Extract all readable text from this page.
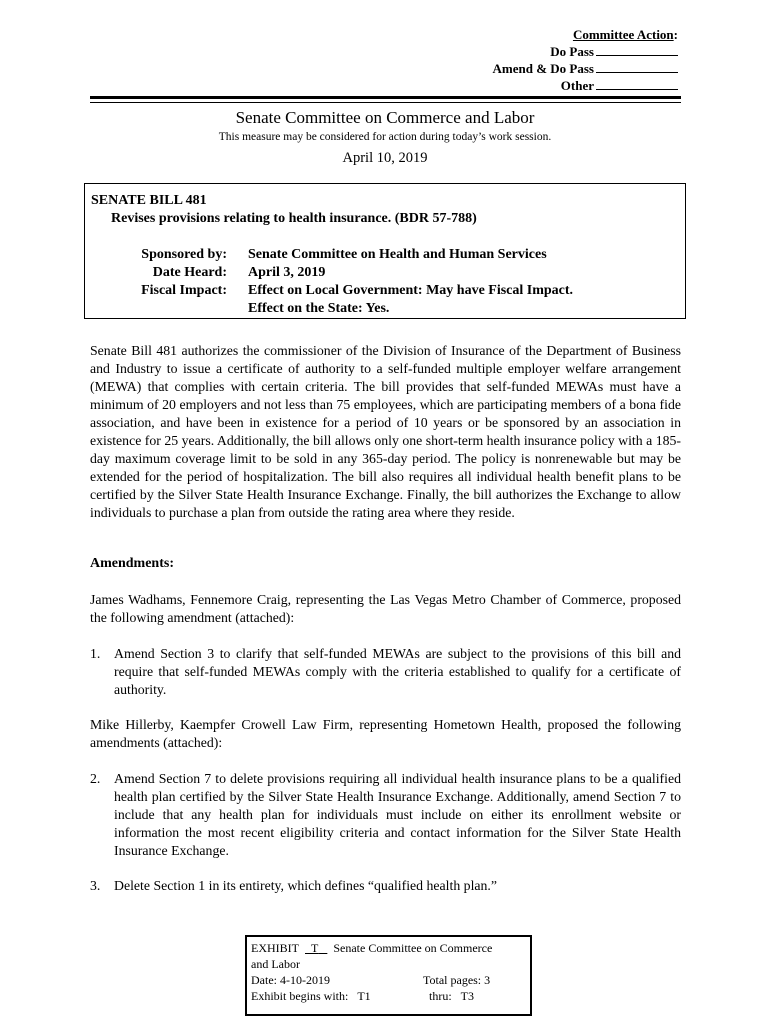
Committee Action:
Do Pass
Amend & Do Pass
Other
Senate Committee on Commerce and Labor
This measure may be considered for action during today’s work session.
April 10, 2019
SENATE BILL 481
Revises provisions relating to health insurance. (BDR 57-788)
Sponsored by: Senate Committee on Health and Human Services
Date Heard: April 3, 2019
Fiscal Impact: Effect on Local Government: May have Fiscal Impact.
Effect on the State: Yes.
Senate Bill 481 authorizes the commissioner of the Division of Insurance of the Department of Business and Industry to issue a certificate of authority to a self-funded multiple employer welfare arrangement (MEWA) that complies with certain criteria. The bill provides that self-funded MEWAs must have a minimum of 20 employers and not less than 75 employees, which are participating members of a bona fide association, and have been in existence for a period of 10 years or be sponsored by an association in existence for 25 years. Additionally, the bill allows only one short-term health insurance policy with a 185-day maximum coverage limit to be sold in any 365-day period. The policy is nonrenewable but may be extended for the period of hospitalization. The bill also requires all individual health benefit plans to be certified by the Silver State Health Insurance Exchange. Finally, the bill authorizes the Exchange to allow individuals to purchase a plan from outside the rating area where they reside.
Amendments:
James Wadhams, Fennemore Craig, representing the Las Vegas Metro Chamber of Commerce, proposed the following amendment (attached):
1. Amend Section 3 to clarify that self-funded MEWAs are subject to the provisions of this bill and require that self-funded MEWAs comply with the criteria established to qualify for a certificate of authority.
Mike Hillerby, Kaempfer Crowell Law Firm, representing Hometown Health, proposed the following amendments (attached):
2. Amend Section 7 to delete provisions requiring all individual health insurance plans to be a qualified health plan certified by the Silver State Health Insurance Exchange. Additionally, amend Section 7 to include that any health plan for individuals must include on either its enrollment website or information the most recent eligibility criteria and contact information for the Silver State Health Insurance Exchange.
3. Delete Section 1 in its entirety, which defines “qualified health plan.”
EXHIBIT T Senate Committee on Commerce
and Labor
Date: 4-10-2019	Total pages: 3
Exhibit begins with: T1	thru: T3
